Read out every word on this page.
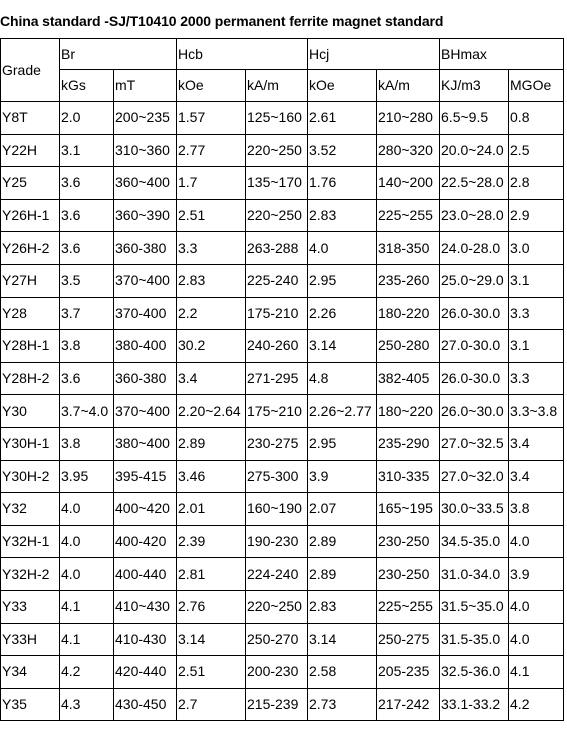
China standard -SJ/T10410 2000 permanent ferrite magnet standard
Grade	Br		Hcb		Hcj		BHmax	
	kGs	mT	kOe	kA/m	kOe	kA/m	KJ/m3	MGOe
Y8T	2.0	200~235	1.57	125~160	2.61	210~280	6.5~9.5	0.8
Y22H	3.1	310~360	2.77	220~250	3.52	280~320	20.0~24.0	2.5
Y25	3.6	360~400	1.7	135~170	1.76	140~200	22.5~28.0	2.8
Y26H-1	3.6	360~390	2.51	220~250	2.83	225~255	23.0~28.0	2.9
Y26H-2	3.6	360-380	3.3	263-288	4.0	318-350	24.0-28.0	3.0
Y27H	3.5	370~400	2.83	225-240	2.95	235-260	25.0~29.0	3.1
Y28	3.7	370-400	2.2	175-210	2.26	180-220	26.0-30.0	3.3
Y28H-1	3.8	380-400	30.2	240-260	3.14	250-280	27.0-30.0	3.1
Y28H-2	3.6	360-380	3.4	271-295	4.8	382-405	26.0-30.0	3.3
Y30	3.7~4.0	370~400	2.20~2.64	175~210	2.26~2.77	180~220	26.0~30.0	3.3~3.8
Y30H-1	3.8	380~400	2.89	230-275	2.95	235-290	27.0~32.5	3.4
Y30H-2	3.95	395-415	3.46	275-300	3.9	310-335	27.0~32.0	3.4
Y32	4.0	400~420	2.01	160~190	2.07	165~195	30.0~33.5	3.8
Y32H-1	4.0	400-420	2.39	190-230	2.89	230-250	34.5-35.0	4.0
Y32H-2	4.0	400-440	2.81	224-240	2.89	230-250	31.0-34.0	3.9
Y33	4.1	410~430	2.76	220~250	2.83	225~255	31.5~35.0	4.0
Y33H	4.1	410-430	3.14	250-270	3.14	250-275	31.5-35.0	4.0
Y34	4.2	420-440	2.51	200-230	2.58	205-235	32.5-36.0	4.1
Y35	4.3	430-450	2.7	215-239	2.73	217-242	33.1-33.2	4.2
